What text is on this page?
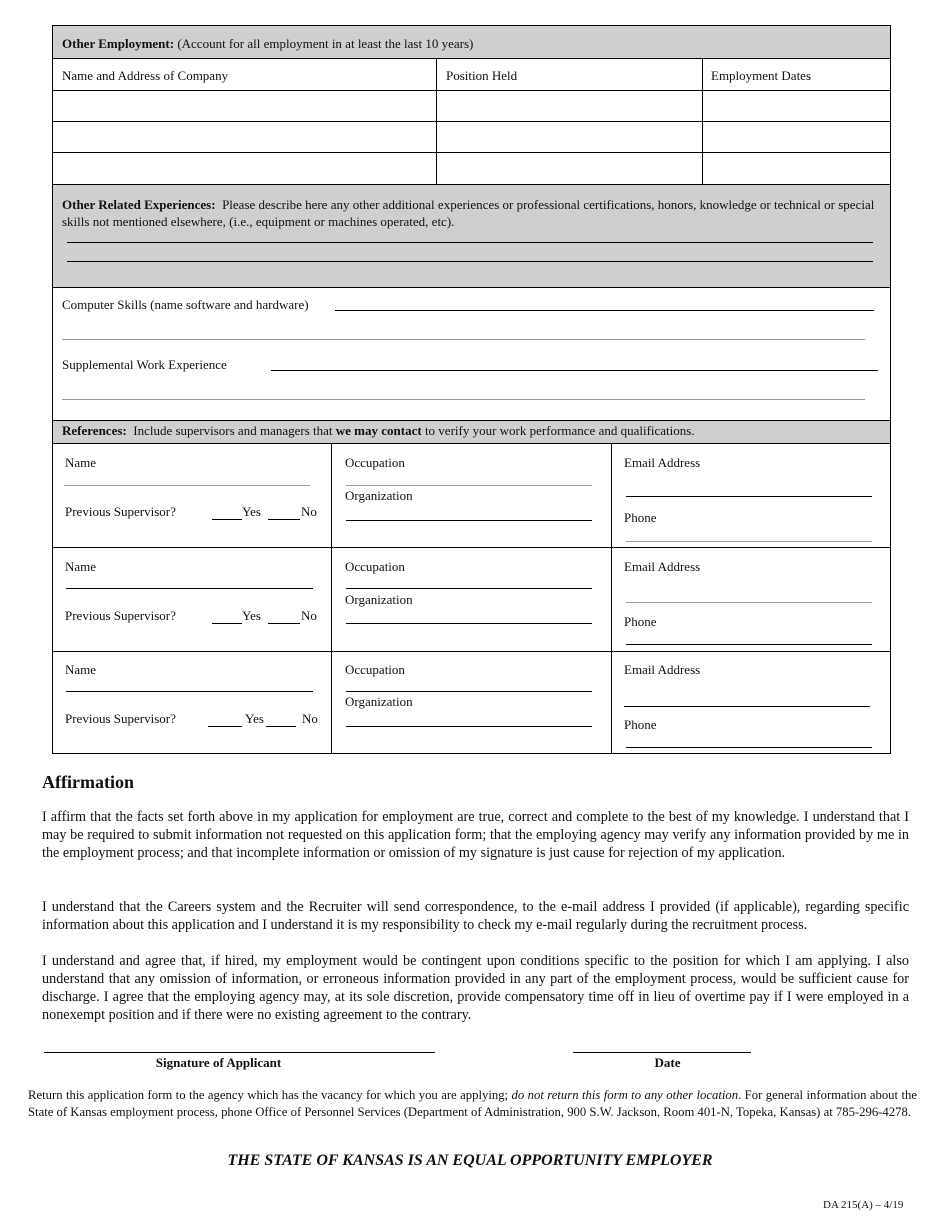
Other Employment: (Account for all employment in at least the last 10 years)
Name and Address of Company	Position Held	Employment Dates
Other Related Experiences: Please describe here any other additional experiences or professional certifications, honors, knowledge or technical or special skills not mentioned elsewhere, (i.e., equipment or machines operated, etc).
Computer Skills (name software and hardware)
Supplemental Work Experience
References: Include supervisors and managers that we may contact to verify your work performance and qualifications.
Name
Previous Supervisor?	Yes	No
Occupation
Organization
Email Address
Phone
Name
Previous Supervisor?	Yes	No
Occupation
Organization
Email Address
Phone
Name
Previous Supervisor?	Yes	No
Occupation
Organization
Email Address
Phone
Affirmation
I affirm that the facts set forth above in my application for employment are true, correct and complete to the best of my knowledge. I understand that I may be required to submit information not requested on this application form; that the employing agency may verify any information provided by me in the employment process; and that incomplete information or omission of my signature is just cause for rejection of my application.
I understand that the Careers system and the Recruiter will send correspondence, to the e-mail address I provided (if applicable), regarding specific information about this application and I understand it is my responsibility to check my e-mail regularly during the recruitment process.
I understand and agree that, if hired, my employment would be contingent upon conditions specific to the position for which I am applying. I also understand that any omission of information, or erroneous information provided in any part of the employment process, would be sufficient cause for discharge. I agree that the employing agency may, at its sole discretion, provide compensatory time off in lieu of overtime pay if I were employed in a nonexempt position and if there were no existing agreement to the contrary.
Signature of Applicant	Date
Return this application form to the agency which has the vacancy for which you are applying; do not return this form to any other location. For general information about the State of Kansas employment process, phone Office of Personnel Services (Department of Administration, 900 S.W. Jackson, Room 401-N, Topeka, Kansas) at 785-296-4278.
THE STATE OF KANSAS IS AN EQUAL OPPORTUNITY EMPLOYER
DA 215(A) – 4/19
